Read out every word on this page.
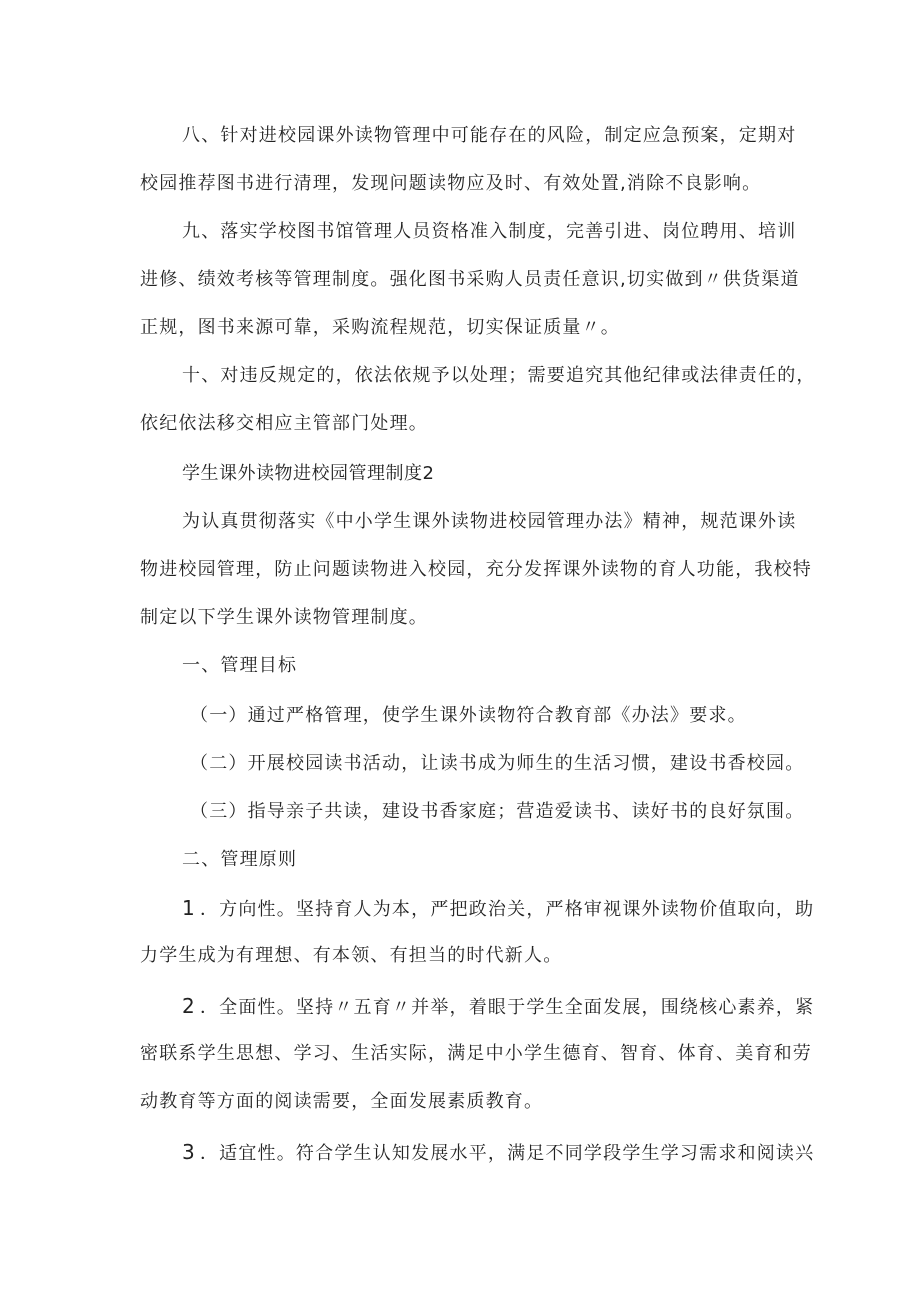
八、针对进校园课外读物管理中可能存在的风险，制定应急预案，定期对

校园推荐图书进行清理，发现问题读物应及时、有效处置,消除不良影响。

九、落实学校图书馆管理人员资格准入制度，完善引进、岗位聘用、培训

进修、绩效考核等管理制度。强化图书采购人员责任意识,切实做到〃供货渠道

正规，图书来源可靠，采购流程规范，切实保证质量〃。

十、对违反规定的，依法依规予以处理；需要追究其他纪律或法律责任的，

依纪依法移交相应主管部门处理。

学生课外读物进校园管理制度2

为认真贯彻落实《中小学生课外读物进校园管理办法》精神，规范课外读

物进校园管理，防止问题读物进入校园，充分发挥课外读物的育人功能，我校特

制定以下学生课外读物管理制度。

一、管理目标

（一）通过严格管理，使学生课外读物符合教育部《办法》要求。

（二）开展校园读书活动，让读书成为师生的生活习惯，建设书香校园。

（三）指导亲子共读，建设书香家庭；营造爱读书、读好书的良好氛围。

二、管理原则

1 ．方向性。坚持育人为本，严把政治关，严格审视课外读物价值取向，助

力学生成为有理想、有本领、有担当的时代新人。

2 ．全面性。坚持〃五育〃并举，着眼于学生全面发展，围绕核心素养，紧

密联系学生思想、学习、生活实际，满足中小学生德育、智育、体育、美育和劳

动教育等方面的阅读需要，全面发展素质教育。

3 ．适宜性。符合学生认知发展水平，满足不同学段学生学习需求和阅读兴
